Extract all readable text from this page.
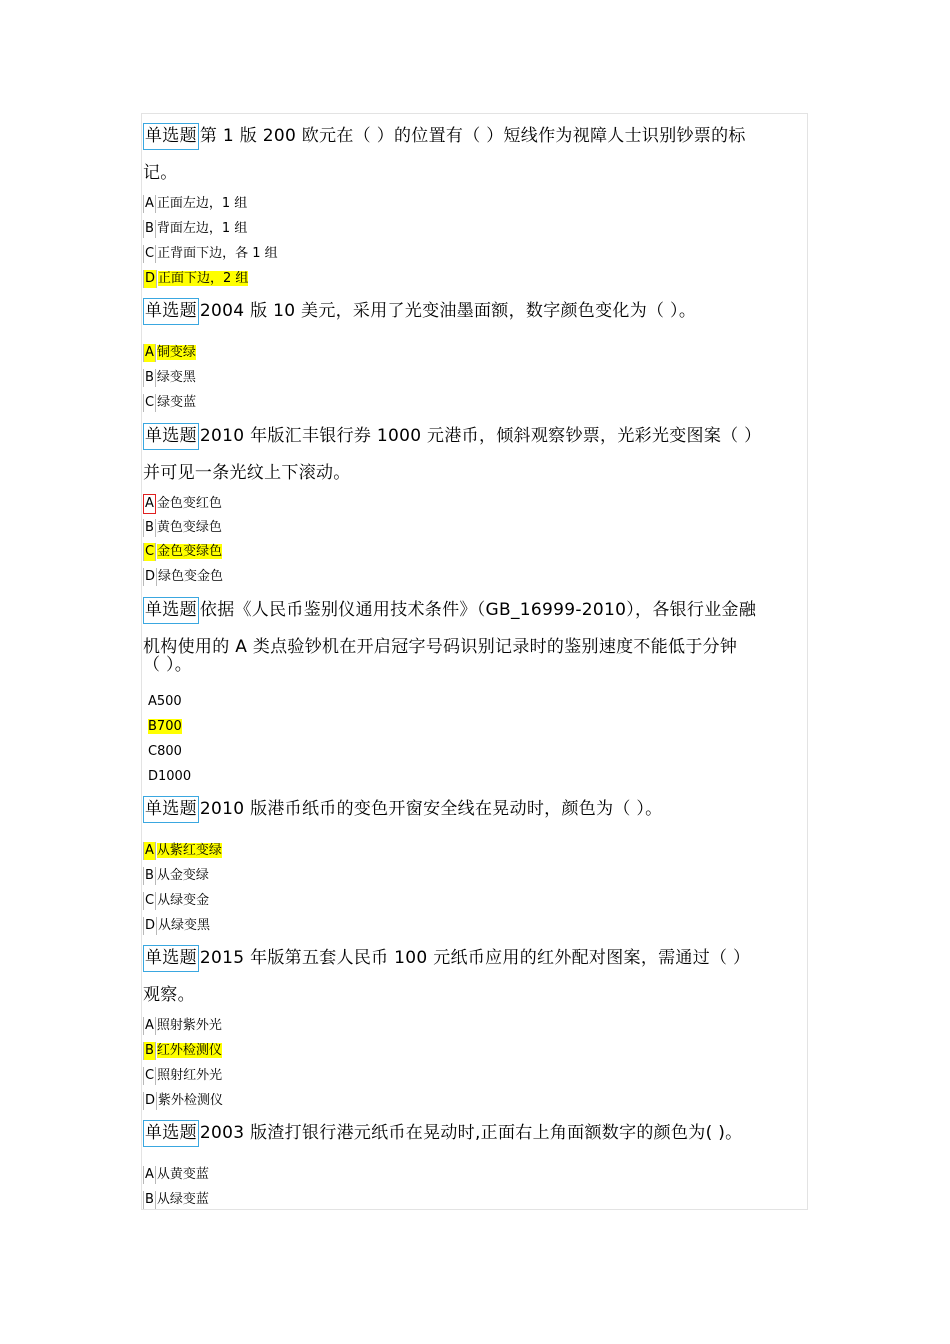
单选题 第 1 版 200 欧元在（ ）的位置有（ ）短线作为视障人士识别钞票的标
记。
A 正面左边，1 组
B 背面左边，1 组
C 正背面下边，各 1 组
D 正面下边，2 组
单选题 2004 版 10 美元，采用了光变油墨面额，数字颜色变化为（ ）。
A 铜变绿
B 绿变黑
C 绿变蓝
单选题 2010 年版汇丰银行券 1000 元港币，倾斜观察钞票，光彩光变图案（ ）
并可见一条光纹上下滚动。
A 金色变红色
B 黄色变绿色
C 金色变绿色
D 绿色变金色
单选题 依据《人民币鉴别仪通用技术条件》（GB_16999-2010），各银行业金融
机构使用的 A 类点验钞机在开启冠字号码识别记录时的鉴别速度不能低于分钟

（ ）。
A500
B700
C800
D1000
单选题 2010 版港币纸币的变色开窗安全线在晃动时，颜色为（ ）。
A 从紫红变绿
B 从金变绿
C 从绿变金
D 从绿变黑
单选题 2015 年版第五套人民币 100 元纸币应用的红外配对图案，需通过（ ）
观察。
A 照射紫外光
B 红外检测仪
C 照射红外光
D 紫外检测仪
单选题 2003 版渣打银行港元纸币在晃动时,正面右上角面额数字的颜色为( )。
A 从黄变蓝
B 从绿变蓝
